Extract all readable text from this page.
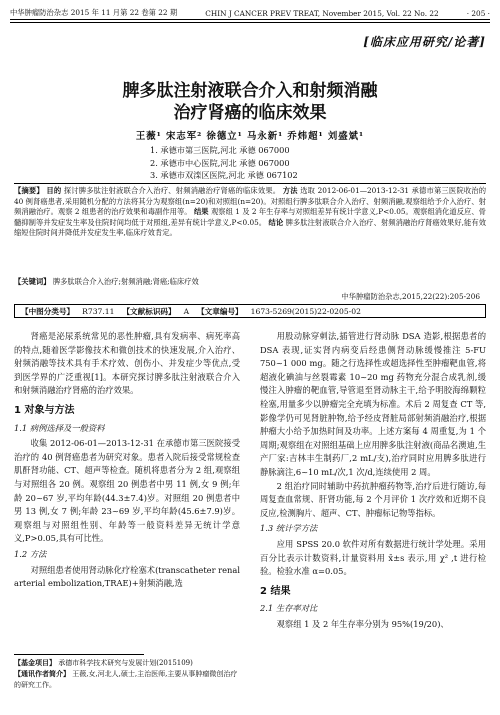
中华肿瘤防治杂志 2015 年 11 月第 22 卷第 22 期	CHIN J CANCER PREV TREAT, November 2015, Vol. 22 No. 22	· 205 ·
[临床应用研究/论著]
脾多肽注射液联合介入和射频消融
治疗肾癌的临床效果
王薇¹ 宋志军² 徐德立¹ 马永新¹ 乔炜超¹ 刘盛斌¹
1. 承德市第三医院,河北 承德 067000
2. 承德市中心医院,河北 承德 067000
3. 承德市双滦区医院,河北 承德 067102
【摘要】 目的 探讨脾多肽注射液联合介入治疗、射频消融治疗肾癌的临床效果。 方法 选取 2012-06-01—2013-12-31 承德市第三医院收治的 40 例肾癌患者,采用随机分配的方法将其分为观察组(n=20)和对照组(n=20)。对照组行脾多肽联合介入治疗、射频消融,观察组给予介入治疗、射频消融治疗。观察 2 组患者的治疗效果和毒副作用等。 结果 观察组 1 及 2 年生存率与对照组差异有统计学意义,P<0.05。观察组消化道反应、骨髓抑制等并发症发生率及住院时间均低于对照组,差异有统计学意义,P<0.05。 结论 脾多肽注射液联合介入治疗、射频消融治疗肾癌效果好,能有效缩短住院时间并降低并发症发生率,临床疗效肯定。
【关键词】 脾多肽联合介入治疗;射频消融;肾癌;临床疗效
中华肿瘤防治杂志,2015,22(22):205-206
【中图分类号】 R737.11 【文献标识码】 A 【文章编号】 1673-5269(2015)22-0205-02

肾癌是泌尿系统常见的恶性肿瘤,具有发病率、病死率高的特点,随着医学影像技术和微创技术的快速发展,介入治疗、射频消融等技术具有手术疗效、创伤小、并发症少等优点,受到医学界的广泛重视[1]。本研究探讨脾多肽注射液联合介入和射频消融治疗肾癌的治疗效果。

1 对象与方法
1.1 病例选择及一般资料

收集 2012-06-01—2013-12-31 在承德市第三医院接受治疗的 40 例肾癌患者为研究对象。患者入院后接受常规检查肌酐肾功能、CT、超声等检查。随机将患者分为 2 组,观察组与对照组各 20 例。观察组 20 例患者中男 11 例,女 9 例;年龄 20~67 岁,平均年龄(44.3±7.4)岁。对照组 20 例患者中男 13 例,女 7 例;年龄 23~69 岁,平均年龄(45.6±7.9)岁。观察组与对照组性别、年龄等一般资料差异无统计学意义,P>0.05,具有可比性。

1.2 方法

对照组患者使用肾动脉化疗栓塞术(transcatheter renal arterial embolization,TRAE)+射频消融,选

用股动脉穿刺法,插管进行肾动脉 DSA 造影,根据患者的 DSA 表现,证实肾内病变后经患侧肾动脉缓慢推注 5-FU 750~1 000 mg。随之行选择性或超选择性至肿瘤靶血管,将超液化碘油与丝裂霉素 10~20 mg 药物充分混合成乳剂,缓慢注入肿瘤的靶血管,导管退至肾动脉主干,给予明胶海绵颗粒栓塞,用量多少以肿瘤完全充填为标准。术后 2 周复查 CT 等,影像学仍可见肾脏肿物,给予经皮肾脏局部射频消融治疗,根据肿瘤大小给予加热时间及功率。上述方案每 4 周重复,为 1 个周期;观察组在对照组基础上应用脾多肽注射液(商品名澳迪,生产厂家:吉林丰生制药厂,2 mL/支),治疗同时应用脾多肽进行静脉滴注,6~10 mL/次,1 次/d,连续使用 2 周。

2 组治疗同时辅助中药抗肿瘤药物等,治疗后进行随访,每周复查血常规、肝肾功能,每 2 个月评价 1 次疗效和近期不良反应,检测胸片、超声、CT、肿瘤标记物等指标。

1.3 统计学方法

应用 SPSS 20.0 软件对所有数据进行统计学处理。采用百分比表示计数资料,计量资料用 x̄±s 表示,用 χ² ,t 进行检验。检验水准 α=0.05。

2 结果
2.1 生存率对比

观察组 1 及 2 年生存率分别为 95%(19/20)、

【基金项目】 承德市科学技术研究与发展计划(2015109)
【通讯作者简介】 王薇,女,河北人,硕士,主治医师,主要从事肿瘤微创治疗的研究工作。
